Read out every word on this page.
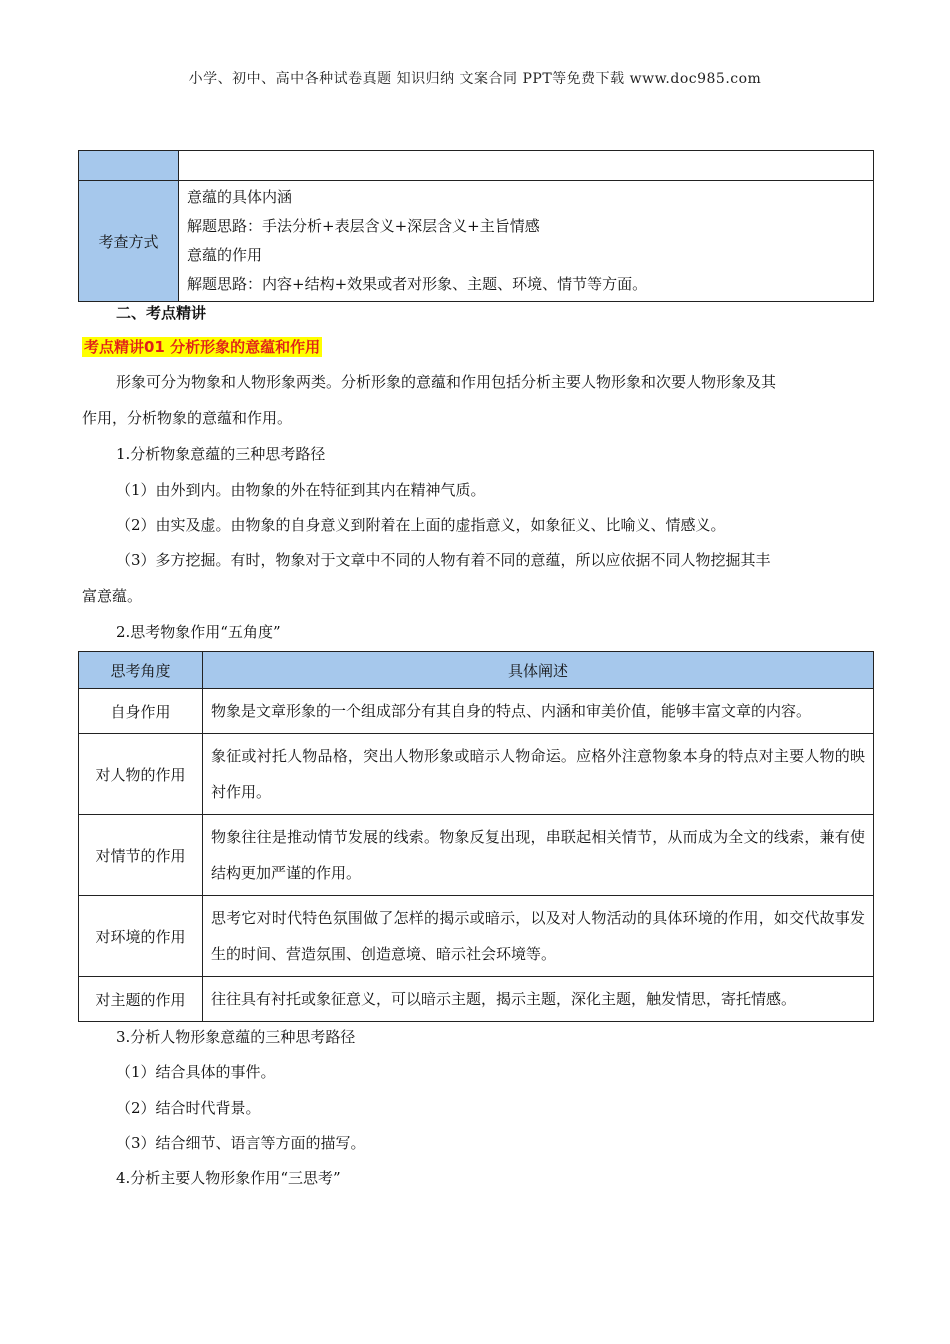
小学、初中、高中各种试卷真题 知识归纳 文案合同 PPT等免费下载 www.doc985.com

考查方式	意蕴的具体内涵
解题思路：手法分析+表层含义+深层含义+主旨情感
意蕴的作用
解题思路：内容+结构+效果或者对形象、主题、环境、情节等方面。
二、考点精讲
考点精讲01 分析形象的意蕴和作用
形象可分为物象和人物形象两类。分析形象的意蕴和作用包括分析主要人物形象和次要人物形象及其
作用，分析物象的意蕴和作用。
1.分析物象意蕴的三种思考路径
（1）由外到内。由物象的外在特征到其内在精神气质。
（2）由实及虚。由物象的自身意义到附着在上面的虚指意义，如象征义、比喻义、情感义。
（3）多方挖掘。有时，物象对于文章中不同的人物有着不同的意蕴，所以应依据不同人物挖掘其丰
富意蕴。
2.思考物象作用“五角度”
思考角度	具体阐述
自身作用	物象是文章形象的一个组成部分有其自身的特点、内涵和审美价值，能够丰富文章的内容。
对人物的作用	象征或衬托人物品格，突出人物形象或暗示人物命运。应格外注意物象本身的特点对主要人物的映衬作用。
对情节的作用	物象往往是推动情节发展的线索。物象反复出现，串联起相关情节，从而成为全文的线索，兼有使结构更加严谨的作用。
对环境的作用	思考它对时代特色氛围做了怎样的揭示或暗示，以及对人物活动的具体环境的作用，如交代故事发生的时间、营造氛围、创造意境、暗示社会环境等。
对主题的作用	往往具有衬托或象征意义，可以暗示主题，揭示主题，深化主题，触发情思，寄托情感。
3.分析人物形象意蕴的三种思考路径
（1）结合具体的事件。
（2）结合时代背景。
（3）结合细节、语言等方面的描写。
4.分析主要人物形象作用“三思考”
